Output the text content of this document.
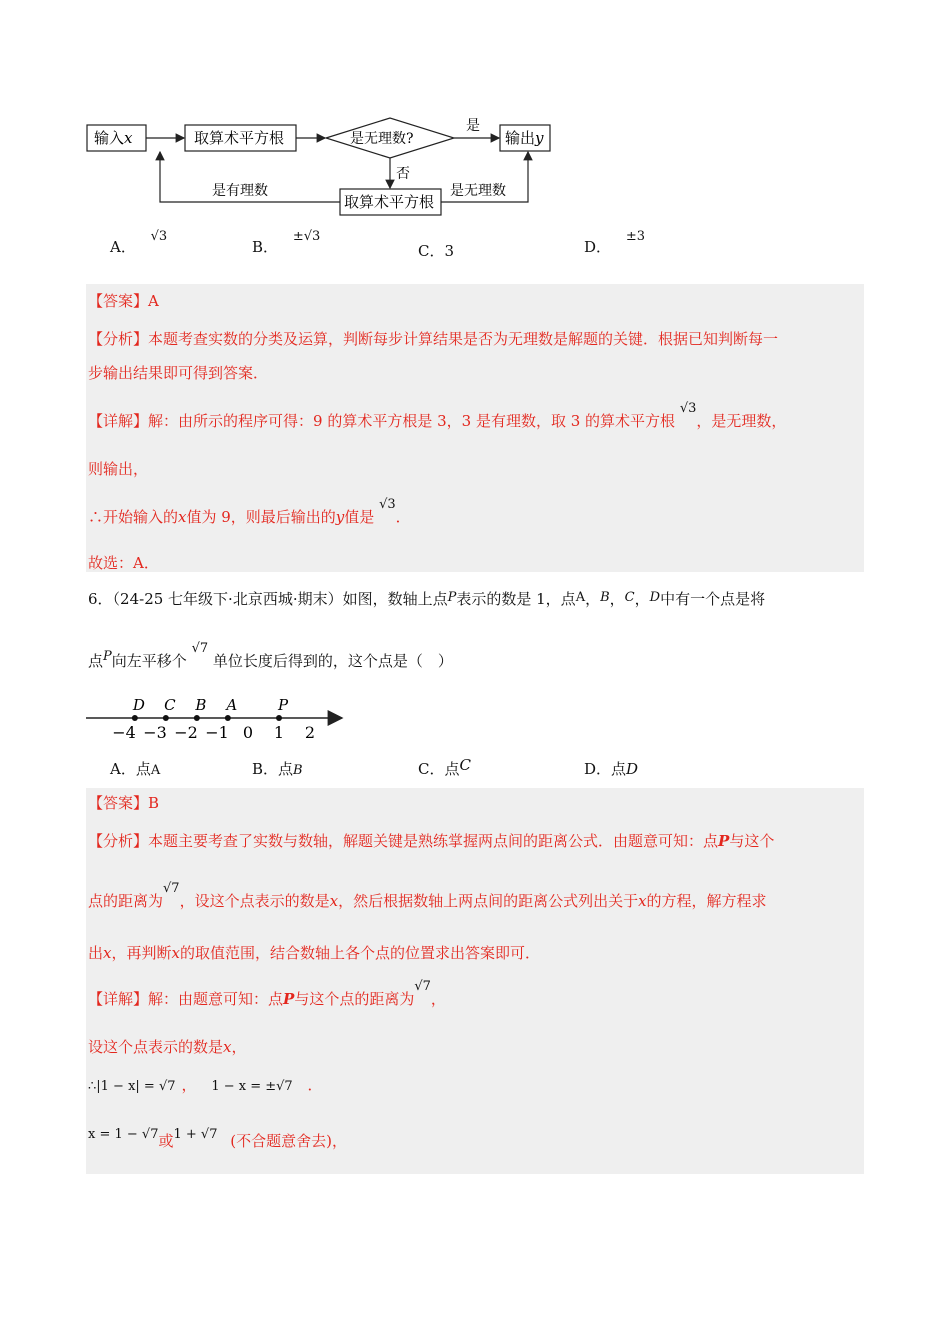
输入x	取算术平方根	是无理数?
是
输出y
否
取算术平方根
是有理数	是无理数
A． √3
B． ±√3
C．3	D． ±3
【答案】A
【分析】本题考查实数的分类及运算，判断每步计算结果是否为无理数是解题的关键．根据已知判断每一
步输出结果即可得到答案．
【详解】解：由所示的程序可得：9 的算术平方根是 3，3 是有理数，取 3 的算术平方根 √3，是无理数，
则输出，
∴开始输入的x值为 9，则最后输出的y值是 √3．
故选：A．
6．（24-25 七年级下·北京西城·期末）如图，数轴上点P表示的数是 1，点A，B，C，D中有一个点是将
点P向左平移个 √7 单位长度后得到的，这个点是（　）
−4 −3 −2 −1 0 1 2
D C B A	P
A．点A	B．点B	C．点C	D．点D
【答案】B
【分析】本题主要考查了实数与数轴，解题关键是熟练掌握两点间的距离公式．由题意可知：点P与这个
点的距离为√7，设这个点表示的数是x，然后根据数轴上两点间的距离公式列出关于x的方程，解方程求
出x，再判断x的取值范围，结合数轴上各个点的位置求出答案即可．
【详解】解：由题意可知：点P与这个点的距离为√7，
设这个点表示的数是x，
∴|1 − x| = √7 ， 1 − x = ±√7 ．
x = 1 − √7或1 + √7 (不合题意舍去)，
